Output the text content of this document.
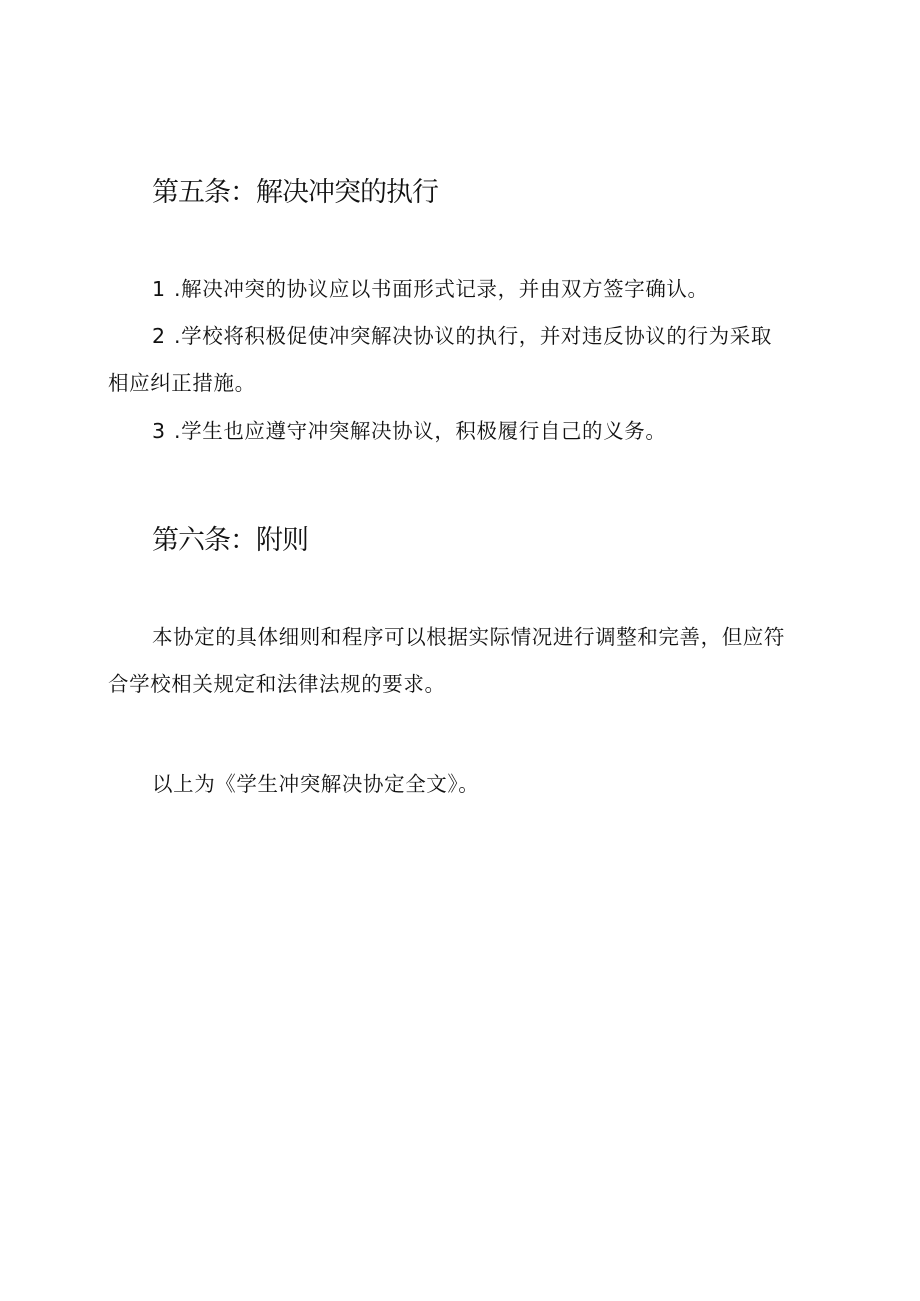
第五条：解决冲突的执行

1 .解决冲突的协议应以书面形式记录，并由双方签字确认。

2 .学校将积极促使冲突解决协议的执行，并对违反协议的行为采取
相应纠正措施。

3 .学生也应遵守冲突解决协议，积极履行自己的义务。

第六条：附则

本协定的具体细则和程序可以根据实际情况进行调整和完善，但应符
合学校相关规定和法律法规的要求。

以上为《学生冲突解决协定全文》。
